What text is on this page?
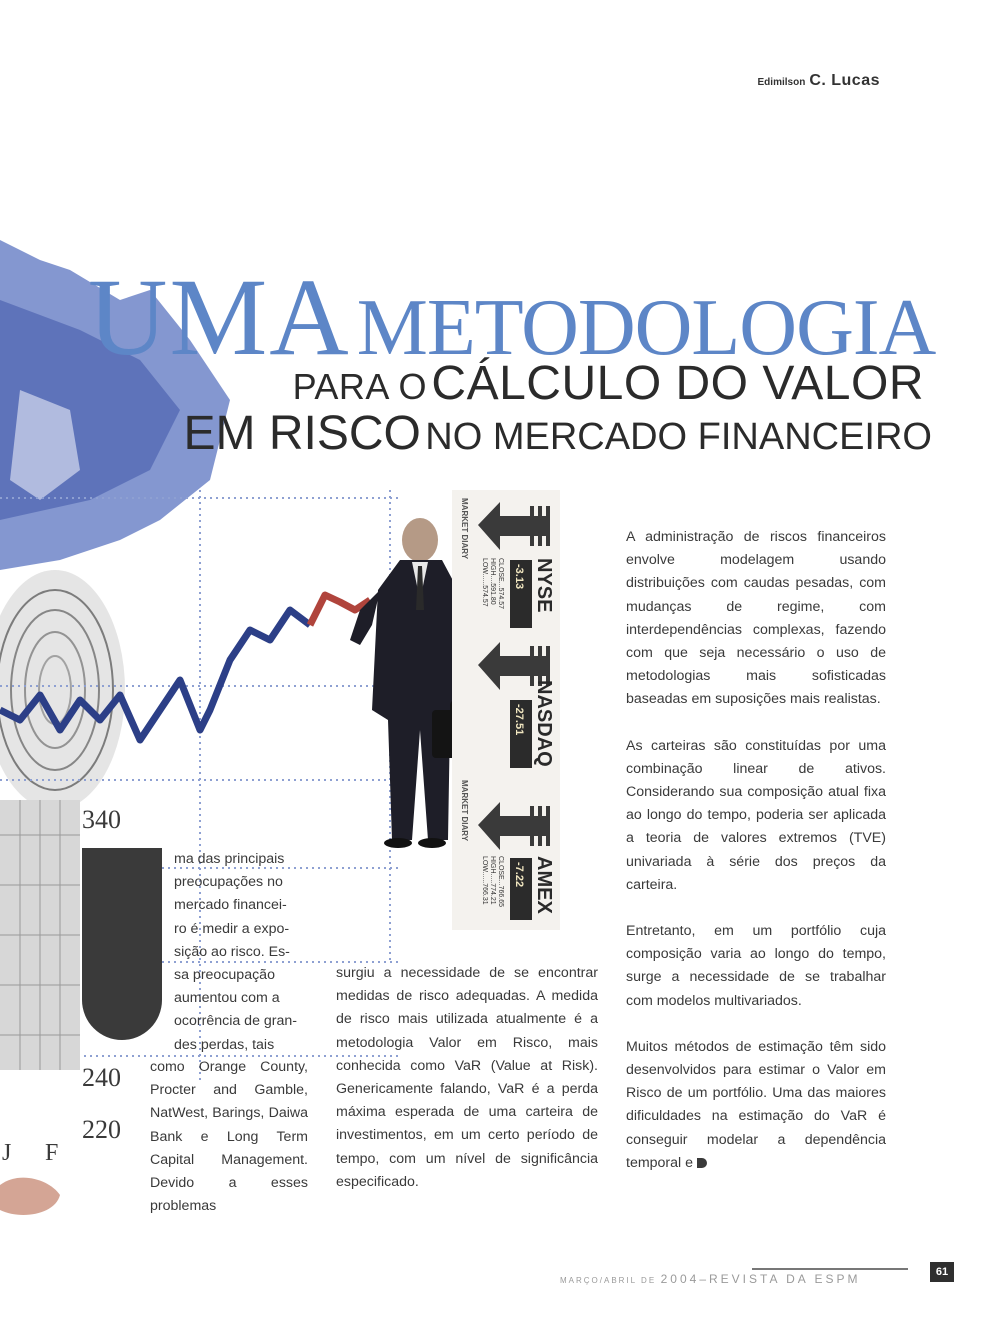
Edimilson C. Lucas
340
240
220
J F
MARKET DIARY
MARKET DIARY
-3.13 NYSE
CLOSE...574.57
HIGH....591.80
LOW......574.57
-27.51 NASDAQ
-7.22 AMEX
CLOSE...766.65
HIGH.....774.21
LOW......766.31
UMAMETODOLOGIA
PARA O CÁLCULO DO VALOR
EM RISCO NO MERCADO FINANCEIRO
ma das principais
preocupações no
mercado financei-
ro é medir a expo-
sição ao risco. Es-
sa preocupação
aumentou com a
ocorrência de gran-
des perdas, tais

como Orange County, Procter and Gamble, NatWest, Barings, Daiwa Bank e Long Term Capital Management. Devido a esses problemas

surgiu a necessidade de se encontrar medidas de risco adequadas. A medida de risco mais utilizada atualmente é a metodologia Valor em Risco, mais conhecida como VaR (Value at Risk). Genericamente falando, VaR é a perda máxima esperada de uma carteira de investimentos, em um certo período de tempo, com um nível de significância especificado.

A administração de riscos financeiros envolve modelagem usando distribuições com caudas pesadas, com mudanças de regime, com interdependências complexas, fazendo com que seja necessário o uso de metodologias mais sofisticadas baseadas em suposições mais realistas.

As carteiras são constituídas por uma combinação linear de ativos. Considerando sua composição atual fixa ao longo do tempo, poderia ser aplicada a teoria de valores extremos (TVE) univariada à série dos preços da carteira.

Entretanto, em um portfólio cuja composição varia ao longo do tempo, surge a necessidade de se trabalhar com modelos multivariados.

Muitos métodos de estimação têm sido desenvolvidos para estimar o Valor em Risco de um portfólio. Uma das maiores dificuldades na estimação do VaR é conseguir modelar a dependência temporal e

MARÇO/ABRIL DE 2004–REVISTA DA ESPM	61
